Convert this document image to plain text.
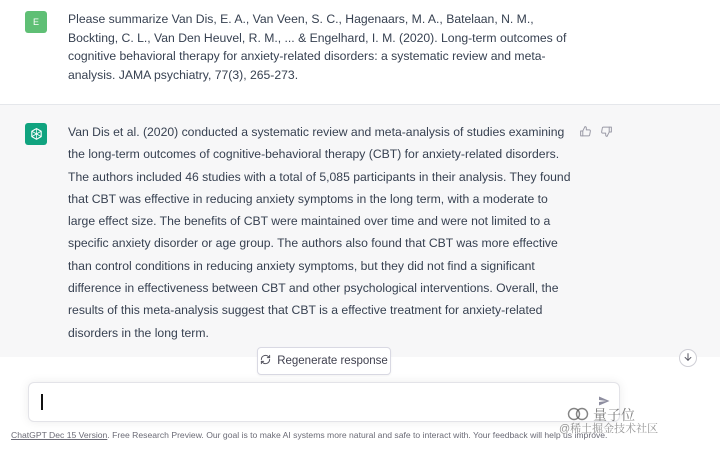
E	Please summarize Van Dis, E. A., Van Veen, S. C., Hagenaars, M. A., Batelaan, N. M., Bockting, C. L., Van Den Heuvel, R. M., ... & Engelhard, I. M. (2020). Long-term outcomes of cognitive behavioral therapy for anxiety-related disorders: a systematic review and meta-analysis. JAMA psychiatry, 77(3), 265-273.
Van Dis et al. (2020) conducted a systematic review and meta-analysis of studies examining the long-term outcomes of cognitive-behavioral therapy (CBT) for anxiety-related disorders. The authors included 46 studies with a total of 5,085 participants in their analysis. They found that CBT was effective in reducing anxiety symptoms in the long term, with a moderate to large effect size. The benefits of CBT were maintained over time and were not limited to a specific anxiety disorder or age group. The authors also found that CBT was more effective than control conditions in reducing anxiety symptoms, but they did not find a significant difference in effectiveness between CBT and other psychological interventions. Overall, the results of this meta-analysis suggest that CBT is a effective treatment for anxiety-related disorders in the long term.
Regenerate response
ChatGPT Dec 15 Version. Free Research Preview. Our goal is to make AI systems more natural and safe to interact with. Your feedback will help us improve.
量子位
@稀土掘金技术社区
